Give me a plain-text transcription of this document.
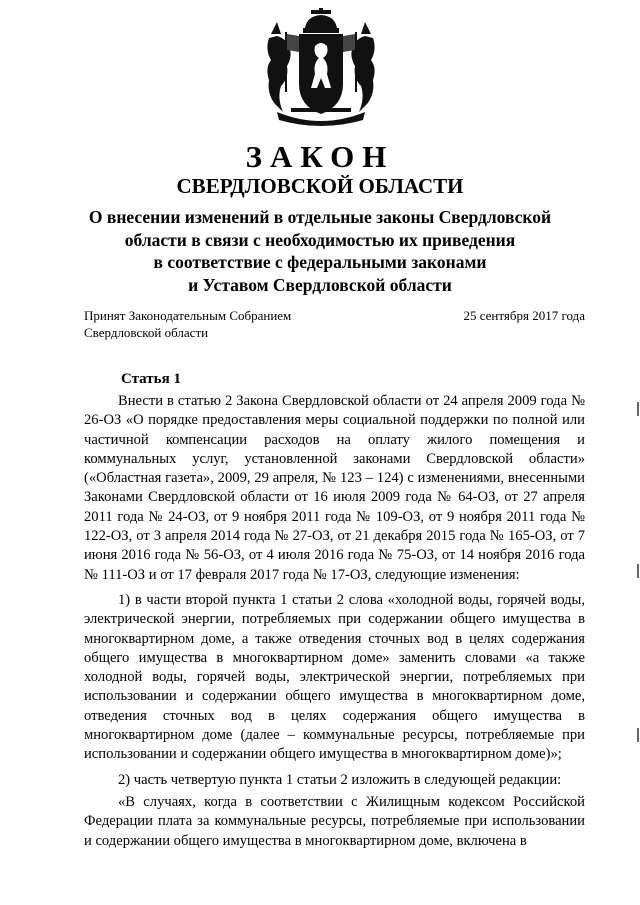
ЗАКОН
СВЕРДЛОВСКОЙ ОБЛАСТИ
О внесении изменений в отдельные законы Свердловской
области в связи с необходимостью их приведения
в соответствие с федеральными законами
и Уставом Свердловской области
Принят Законодательным Собранием
Свердловской области
25 сентября 2017 года
Статья 1

Внести в статью 2 Закона Свердловской области от 24 апреля 2009 года № 26-ОЗ «О порядке предоставления меры социальной поддержки по полной или частичной компенсации расходов на оплату жилого помещения и коммунальных услуг, установленной законами Свердловской области» («Областная газета», 2009, 29 апреля, № 123 – 124) с изменениями, внесенными Законами Свердловской области от 16 июля 2009 года № 64-ОЗ, от 27 апреля 2011 года № 24-ОЗ, от 9 ноября 2011 года № 109-ОЗ, от 9 ноября 2011 года № 122-ОЗ, от 3 апреля 2014 года № 27-ОЗ, от 21 декабря 2015 года № 165-ОЗ, от 7 июня 2016 года № 56-ОЗ, от 4 июля 2016 года № 75-ОЗ, от 14 ноября 2016 года № 111-ОЗ и от 17 февраля 2017 года № 17-ОЗ, следующие изменения:

1) в части второй пункта 1 статьи 2 слова «холодной воды, горячей воды, электрической энергии, потребляемых при содержании общего имущества в многоквартирном доме, а также отведения сточных вод в целях содержания общего имущества в многоквартирном доме» заменить словами «а также холодной воды, горячей воды, электрической энергии, потребляемых при использовании и содержании общего имущества в многоквартирном доме, отведения сточных вод в целях содержания общего имущества в многоквартирном доме (далее – коммунальные ресурсы, потребляемые при использовании и содержании общего имущества в многоквартирном доме)»;

2) часть четвертую пункта 1 статьи 2 изложить в следующей редакции:

«В случаях, когда в соответствии с Жилищным кодексом Российской Федерации плата за коммунальные ресурсы, потребляемые при использовании и содержании общего имущества в многоквартирном доме, включена в
